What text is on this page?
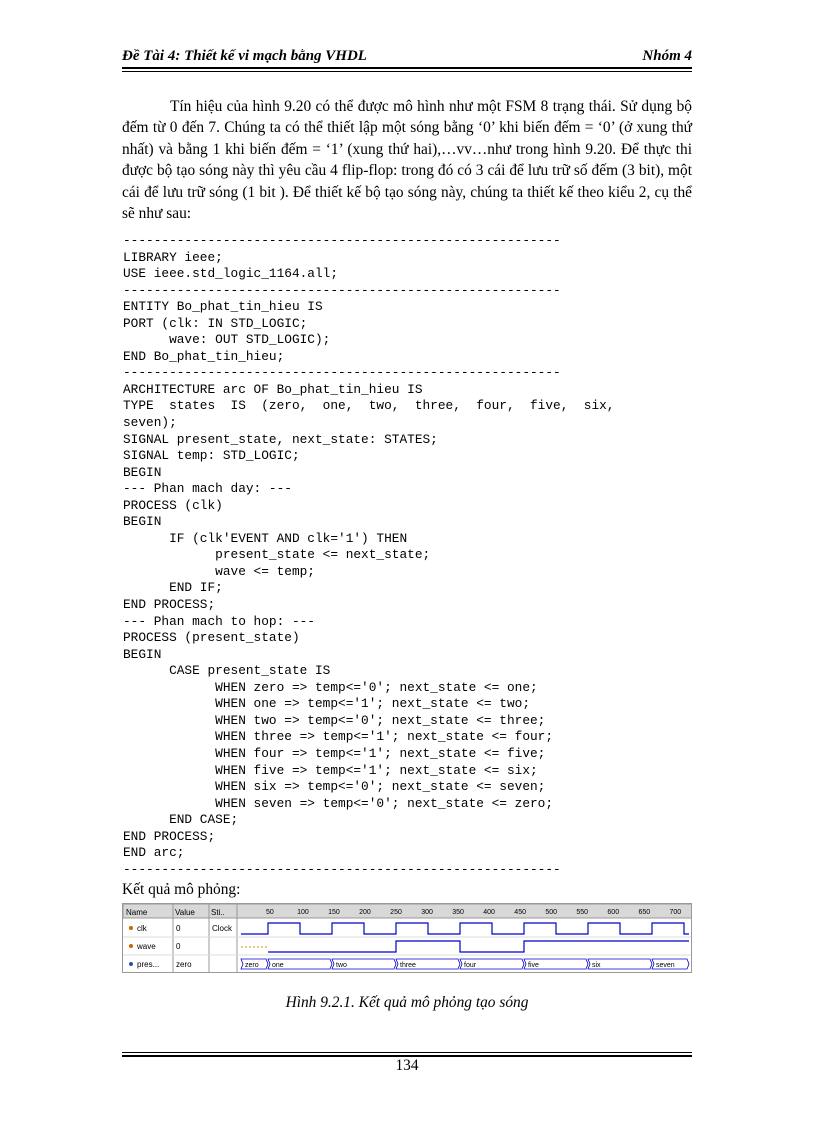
Đề Tài 4: Thiết kế vi mạch bằng VHDL	Nhóm 4
Tín hiệu của hình 9.20 có thể được mô hình như một FSM 8 trạng thái. Sử dụng bộ đếm từ 0 đến 7. Chúng ta có thể thiết lập một sóng bằng ‘0’ khi biến đếm = ‘0’ (ở xung thứ nhất) và bằng 1 khi biến đếm = ‘1’ (xung thứ hai),…vv…như trong hình 9.20. Để thực thi được bộ tạo sóng này thì yêu cầu 4 flip-flop: trong đó có 3 cái để lưu trữ số đếm (3 bit), một cái để lưu trữ sóng (1 bit ). Để thiết kế bộ tạo sóng này, chúng ta thiết kế theo kiểu 2, cụ thể sẽ như sau:
---------------------------------------------------------
LIBRARY ieee;
USE ieee.std_logic_1164.all;
---------------------------------------------------------
ENTITY Bo_phat_tin_hieu IS
PORT (clk: IN STD_LOGIC;
wave: OUT STD_LOGIC);
END Bo_phat_tin_hieu;
---------------------------------------------------------
ARCHITECTURE arc OF Bo_phat_tin_hieu IS
TYPE  states  IS  (zero,  one,  two,  three,  four,  five,  six,
seven);
SIGNAL present_state, next_state: STATES;
SIGNAL temp: STD_LOGIC;
BEGIN
--- Phan mach day: ---
PROCESS (clk)
BEGIN
IF (clk'EVENT AND clk='1') THEN
present_state <= next_state;
wave <= temp;
END IF;
END PROCESS;
--- Phan mach to hop: ---
PROCESS (present_state)
BEGIN
CASE present_state IS
WHEN zero => temp<='0'; next_state <= one;
WHEN one => temp<='1'; next_state <= two;
WHEN two => temp<='0'; next_state <= three;
WHEN three => temp<='1'; next_state <= four;
WHEN four => temp<='1'; next_state <= five;
WHEN five => temp<='1'; next_state <= six;
WHEN six => temp<='0'; next_state <= seven;
WHEN seven => temp<='0'; next_state <= zero;
END CASE;
END PROCESS;
END arc;
---------------------------------------------------------
Kết quả mô phỏng:
Name	Value Sti..	50	100	150	200	250	300	350	400	450	500	550	600	650	700
clk	0	Clock
wave	0
pres... zero	zero one	two	three	four	five	six	seven
Hình 9.2.1. Kết quả mô phỏng tạo sóng
134
